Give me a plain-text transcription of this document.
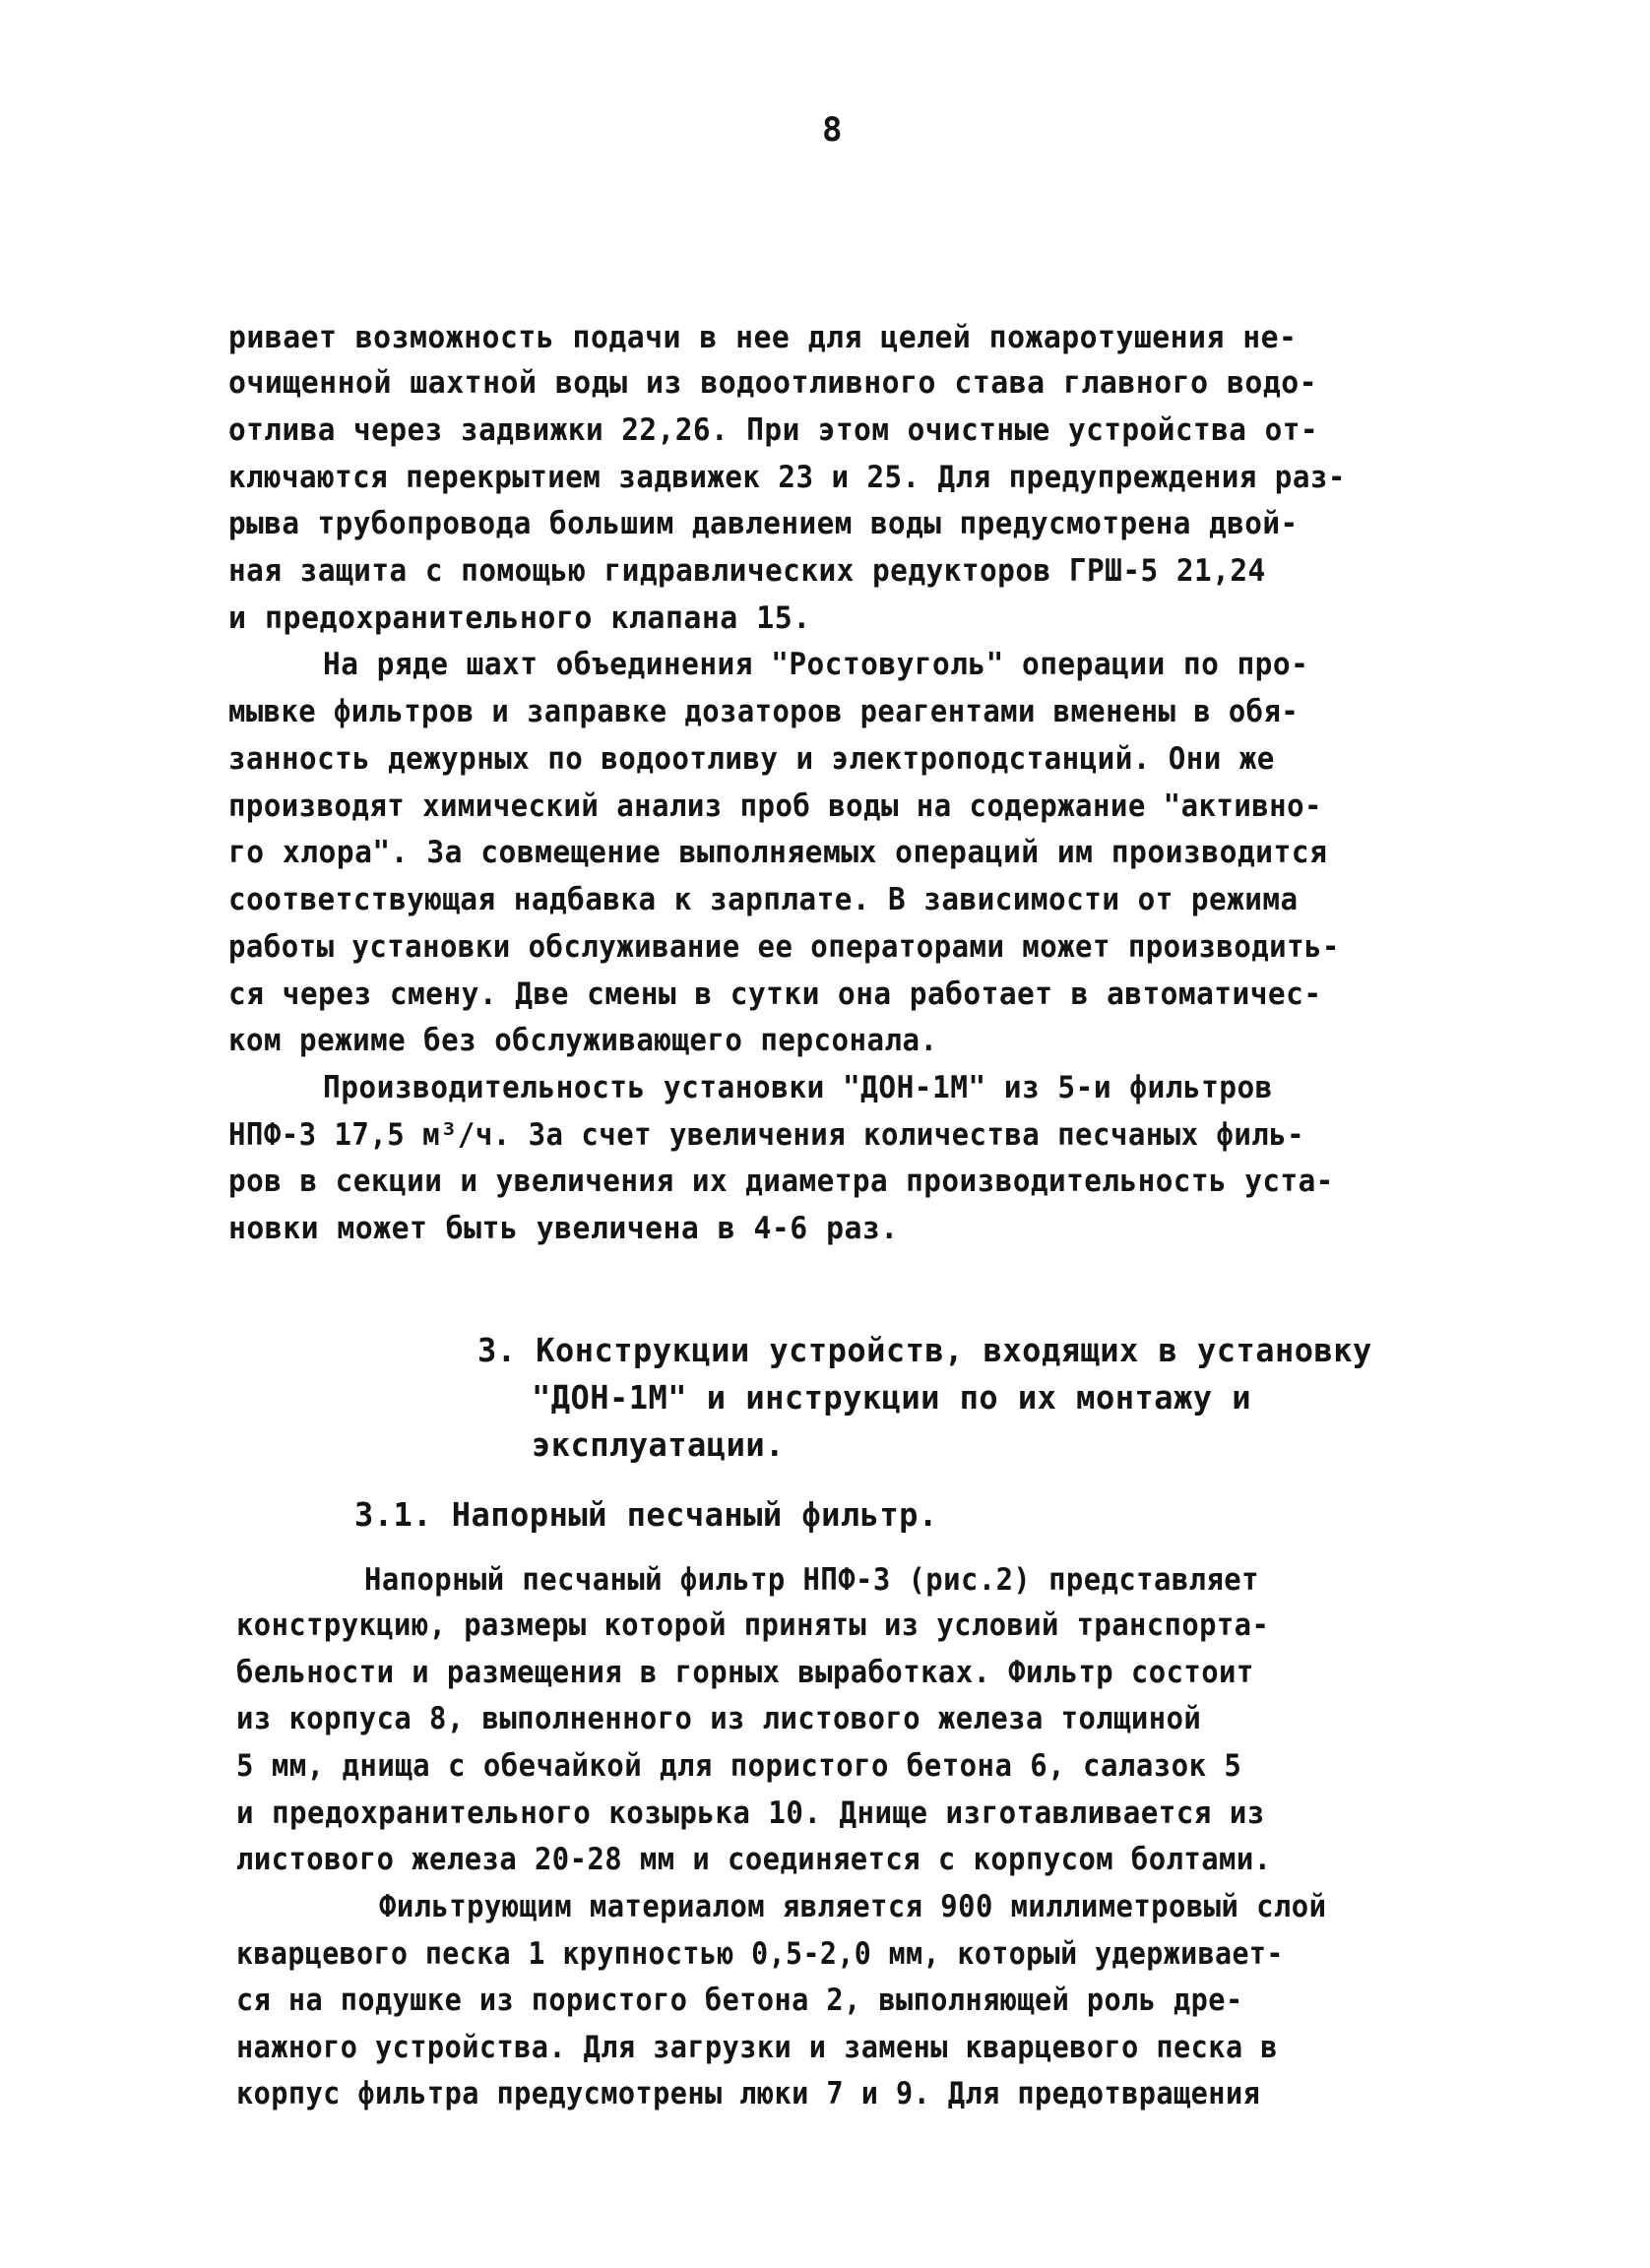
8
ривает возможность подачи в нее для целей пожаротушения не-
очищенной шахтной воды из водоотливного става главного водо-
отлива через задвижки 22,26. При этом очистные устройства от-
ключаются перекрытием задвижек 23 и 25. Для предупреждения раз-
рыва трубопровода большим давлением воды предусмотрена двой-
ная защита с помощью гидравлических редукторов ГРШ-5 21,24
и предохранительного клапана 15.
На ряде шахт объединения "Ростовуголь" операции по про-
мывке фильтров и заправке дозаторов реагентами вменены в обя-
занность дежурных по водоотливу и электроподстанций. Они же
производят химический анализ проб воды на содержание "активно-
го хлора". За совмещение выполняемых операций им производится
соответствующая надбавка к зарплате. В зависимости от режима
работы установки обслуживание ее операторами может производить-
ся через смену. Две смены в сутки она работает в автоматичес-
ком режиме без обслуживающего персонала.
Производительность установки "ДОН-1М" из 5-и фильтров
НПФ-3 17,5 м³/ч. За счет увеличения количества песчаных филь-
ров в секции и увеличения их диаметра производительность уста-
новки может быть увеличена в 4-6 раз.
3. Конструкции устройств, входящих в установку
"ДОН-1М" и инструкции по их монтажу и
эксплуатации.
3.1. Напорный песчаный фильтр.
Напорный песчаный фильтр НПФ-3 (рис.2) представляет
конструкцию, размеры которой приняты из условий транспорта-
бельности и размещения в горных выработках. Фильтр состоит
из корпуса 8, выполненного из листового железа толщиной
5 мм, днища с обечайкой для пористого бетона 6, салазок 5
и предохранительного козырька 10. Днище изготавливается из
листового железа 20-28 мм и соединяется с корпусом болтами.
Фильтрующим материалом является 900 миллиметровый слой
кварцевого песка 1 крупностью 0,5-2,0 мм, который удерживает-
ся на подушке из пористого бетона 2, выполняющей роль дре-
нажного устройства. Для загрузки и замены кварцевого песка в
корпус фильтра предусмотрены люки 7 и 9. Для предотвращения
